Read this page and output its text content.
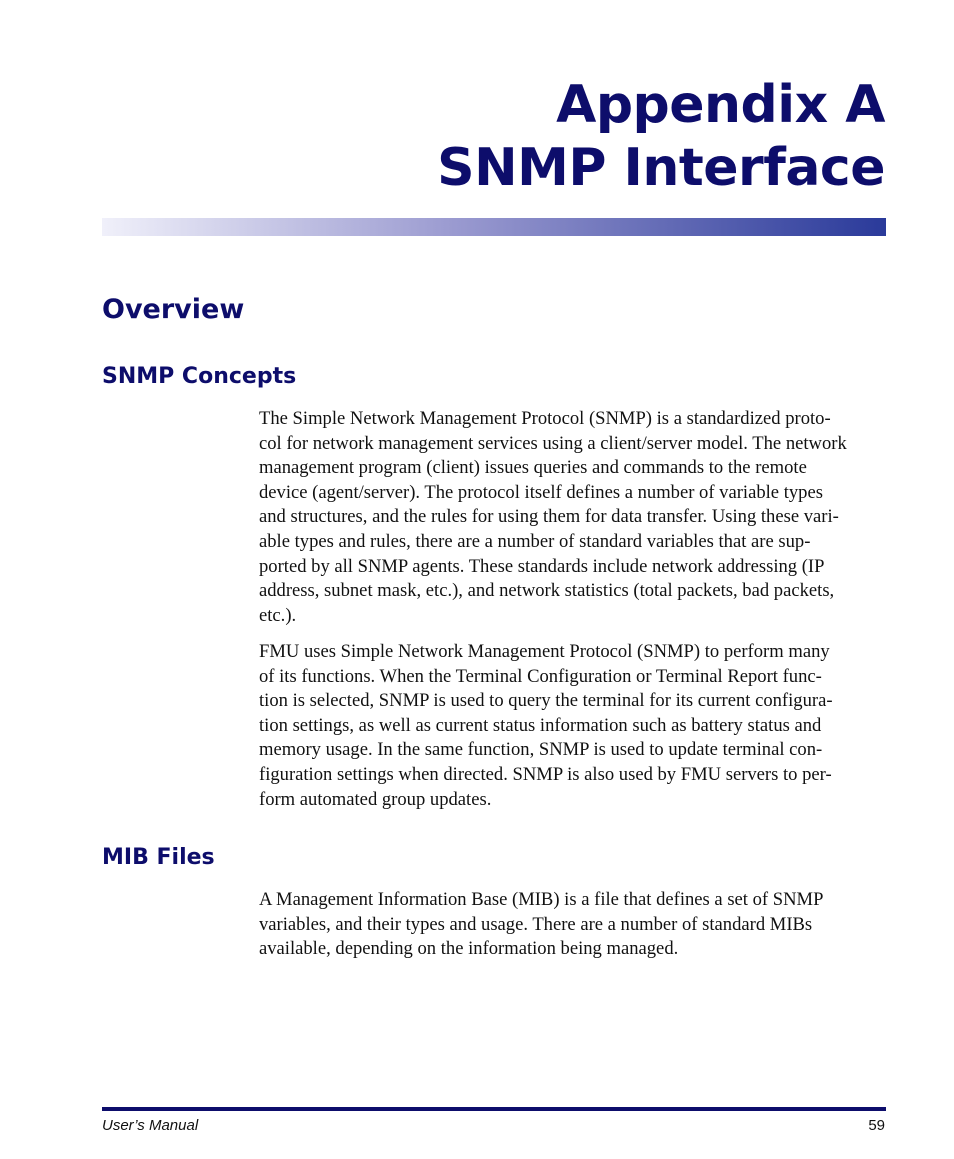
Appendix A
SNMP Interface
Overview
SNMP Concepts

The Simple Network Management Protocol (SNMP) is a standardized proto-
col for network management services using a client/server model. The network
management program (client) issues queries and commands to the remote
device (agent/server). The protocol itself defines a number of variable types
and structures, and the rules for using them for data transfer. Using these vari-
able types and rules, there are a number of standard variables that are sup-
ported by all SNMP agents. These standards include network addressing (IP
address, subnet mask, etc.), and network statistics (total packets, bad packets,
etc.).

FMU uses Simple Network Management Protocol (SNMP) to perform many
of its functions. When the Terminal Configuration or Terminal Report func-
tion is selected, SNMP is used to query the terminal for its current configura-
tion settings, as well as current status information such as battery status and
memory usage. In the same function, SNMP is used to update terminal con-
figuration settings when directed. SNMP is also used by FMU servers to per-
form automated group updates.

MIB Files

A Management Information Base (MIB) is a file that defines a set of SNMP
variables, and their types and usage. There are a number of standard MIBs
available, depending on the information being managed.

User’s Manual	59
